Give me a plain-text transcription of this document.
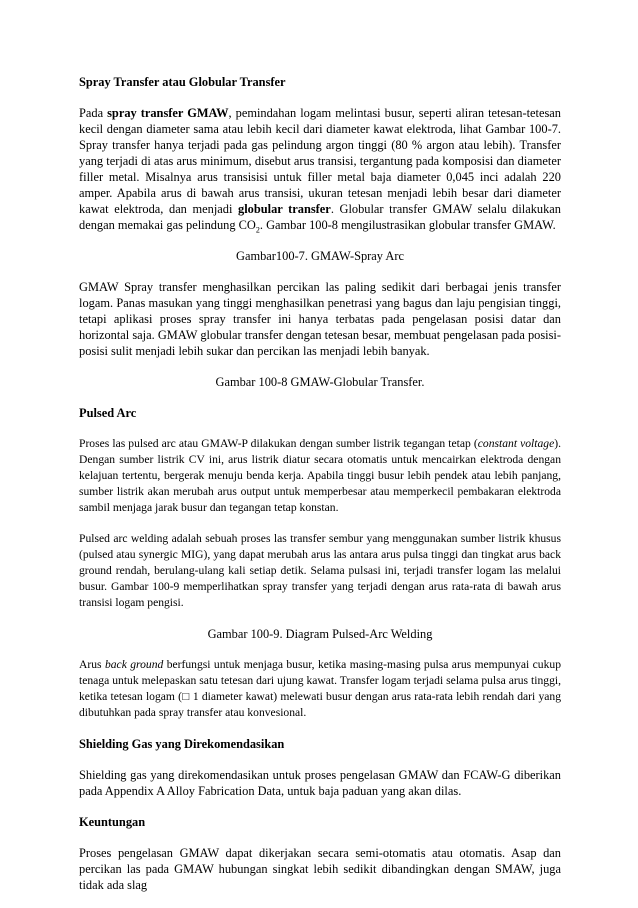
Spray Transfer atau Globular Transfer

Pada spray transfer GMAW, pemindahan logam melintasi busur, seperti aliran tetesan-tetesan kecil dengan diameter sama atau lebih kecil dari diameter kawat elektroda, lihat Gambar 100-7. Spray transfer hanya terjadi pada gas pelindung argon tinggi (80 % argon atau lebih). Transfer yang terjadi di atas arus minimum, disebut arus transisi, tergantung pada komposisi dan diameter filler metal. Misalnya arus transisisi untuk filler metal baja diameter 0,045 inci adalah 220 amper. Apabila arus di bawah arus transisi, ukuran tetesan menjadi lebih besar dari diameter kawat elektroda, dan menjadi globular transfer. Globular transfer GMAW selalu dilakukan dengan memakai gas pelindung $CO_2$. Gambar 100-8 mengilustrasikan globular transfer GMAW.

Gambar100-7. GMAW-Spray Arc

GMAW Spray transfer menghasilkan percikan las paling sedikit dari berbagai jenis transfer logam. Panas masukan yang tinggi menghasilkan penetrasi yang bagus dan laju pengisian tinggi, tetapi aplikasi proses spray transfer ini hanya terbatas pada pengelasan posisi datar dan horizontal saja. GMAW globular transfer dengan tetesan besar, membuat pengelasan pada posisi-posisi sulit menjadi lebih sukar dan percikan las menjadi lebih banyak.

Gambar 100-8 GMAW-Globular Transfer.
Pulsed Arc

Proses las pulsed arc atau GMAW-P dilakukan dengan sumber listrik tegangan tetap (constant voltage). Dengan sumber listrik CV ini, arus listrik diatur secara otomatis untuk mencairkan elektroda dengan kelajuan tertentu, bergerak menuju benda kerja. Apabila tinggi busur lebih pendek atau lebih panjang, sumber listrik akan merubah arus output untuk memperbesar atau memperkecil pembakaran elektroda sambil menjaga jarak busur dan tegangan tetap konstan.

Pulsed arc welding adalah sebuah proses las transfer sembur yang menggunakan sumber listrik khusus (pulsed atau synergic MIG), yang dapat merubah arus las antara arus pulsa tinggi dan tingkat arus back ground rendah, berulang-ulang kali setiap detik. Selama pulsasi ini, terjadi transfer logam las melalui busur. Gambar 100-9 memperlihatkan spray transfer yang terjadi dengan arus rata-rata di bawah arus transisi logam pengisi.

Gambar 100-9. Diagram Pulsed-Arc Welding

Arus back ground berfungsi untuk menjaga busur, ketika masing-masing pulsa arus mempunyai cukup tenaga untuk melepaskan satu tetesan dari ujung kawat. Transfer logam terjadi selama pulsa arus tinggi, ketika tetesan logam (□ 1 diameter kawat) melewati busur dengan arus rata-rata lebih rendah dari yang dibutuhkan pada spray transfer atau konvesional.

Shielding Gas yang Direkomendasikan

Shielding gas yang direkomendasikan untuk proses pengelasan GMAW dan FCAW-G diberikan pada Appendix A Alloy Fabrication Data, untuk baja paduan yang akan dilas.

Keuntungan

Proses pengelasan GMAW dapat dikerjakan secara semi-otomatis atau otomatis. Asap dan percikan las pada GMAW hubungan singkat lebih sedikit dibandingkan dengan SMAW, juga tidak ada slag
